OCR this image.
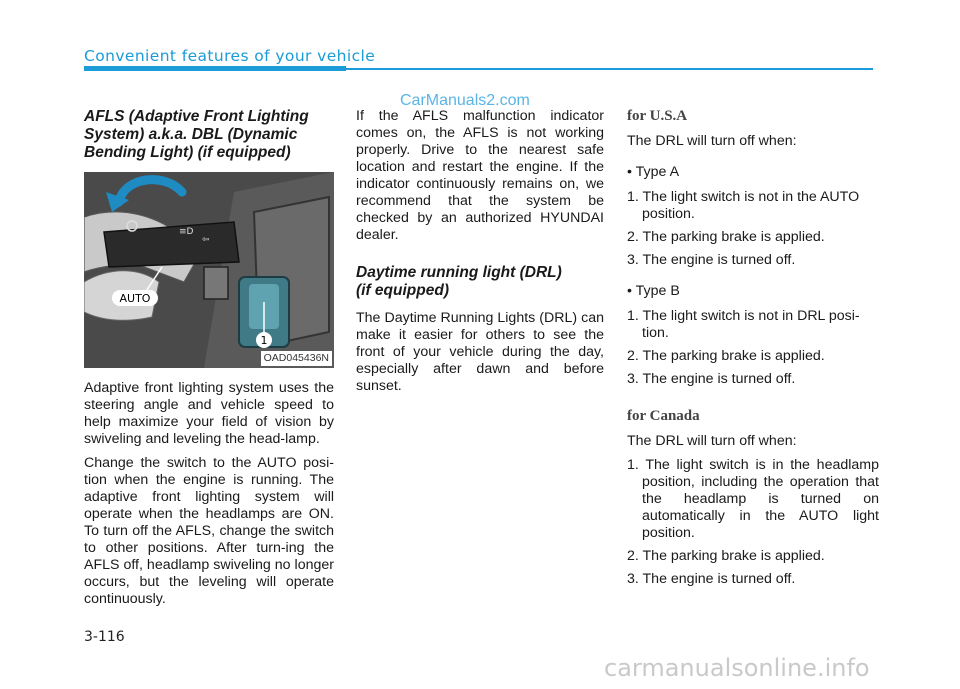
Convenient features of your vehicle
CarManuals2.com
AFLS (Adaptive Front Lighting System) a.k.a. DBL (Dynamic Bending Light) (if equipped)
≡D
⇦
1
AUTO
OAD045436N

Adaptive front lighting system uses the steering angle and vehicle speed to help maximize your field of vision by swiveling and leveling the head-lamp.

Change the switch to the AUTO posi-tion when the engine is running. The adaptive front lighting system will operate when the headlamps are ON. To turn off the AFLS, change the switch to other positions. After turn-ing the AFLS off, headlamp swiveling no longer occurs, but the leveling will operate continuously.

If the AFLS malfunction indicator comes on, the AFLS is not working properly. Drive to the nearest safe location and restart the engine. If the indicator continuously remains on, we recommend that the system be checked by an authorized HYUNDAI dealer.

Daytime running light (DRL) (if equipped)

The Daytime Running Lights (DRL) can make it easier for others to see the front of your vehicle during the day, especially after dawn and before sunset.

for U.S.A

The DRL will turn off when:

• Type A
1. The light switch is not in the AUTO position.
2. The parking brake is applied.
3. The engine is turned off.
• Type B
1. The light switch is not in DRL posi-tion.
2. The parking brake is applied.
3. The engine is turned off.
for Canada

The DRL will turn off when:

1. The light switch is in the headlamp position, including the operation that the headlamp is turned on automatically in the AUTO light position.
2. The parking brake is applied.
3. The engine is turned off.
3-116
carmanualsonline.info
